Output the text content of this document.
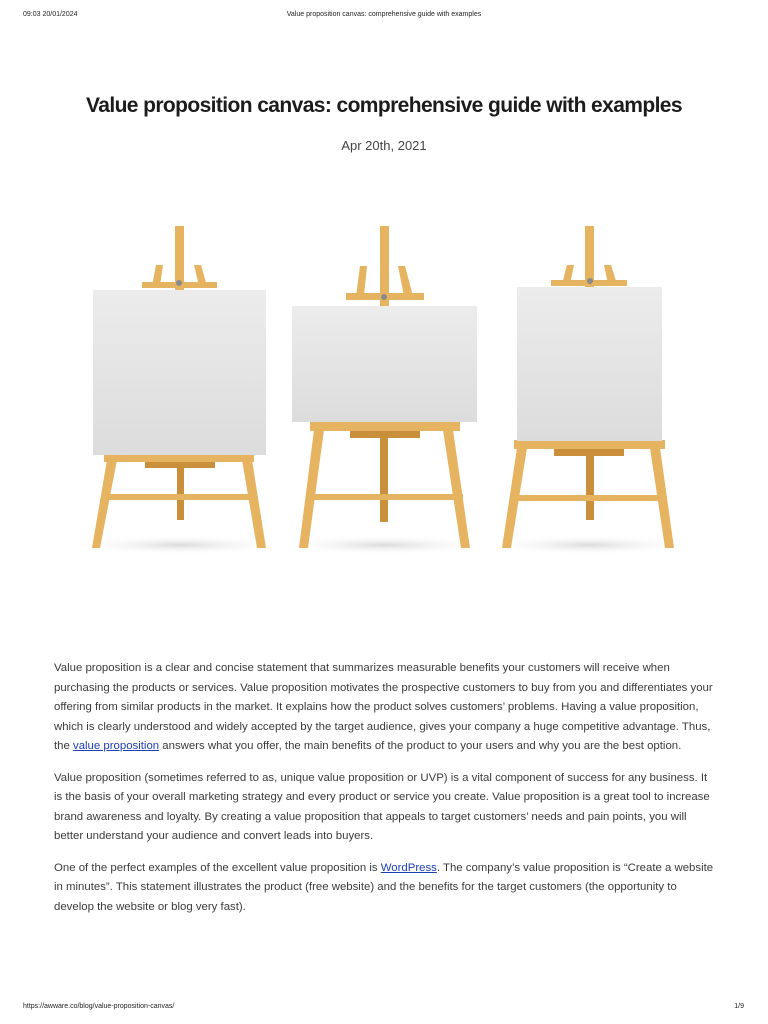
09:03 20/01/2024	Value proposition canvas: comprehensive guide with examples
Value proposition canvas: comprehensive guide with examples
Apr 20th, 2021

Value proposition is a clear and concise statement that summarizes measurable benefits your customers will receive when purchasing the products or services. Value proposition motivates the prospective customers to buy from you and differentiates your offering from similar products in the market. It explains how the product solves customers’ problems. Having a value proposition, which is clearly understood and widely accepted by the target audience, gives your company a huge competitive advantage. Thus, the value proposition answers what you offer, the main benefits of the product to your users and why you are the best option.

Value proposition (sometimes referred to as, unique value proposition or UVP) is a vital component of success for any business. It is the basis of your overall marketing strategy and every product or service you create. Value proposition is a great tool to increase brand awareness and loyalty. By creating a value proposition that appeals to target customers’ needs and pain points, you will better understand your audience and convert leads into buyers.

One of the perfect examples of the excellent value proposition is WordPress. The company’s value proposition is “Create a website in minutes”. This statement illustrates the product (free website) and the benefits for the target customers (the opportunity to develop the website or blog very fast).

https://awware.co/blog/value-proposition-canvas/	1/9
